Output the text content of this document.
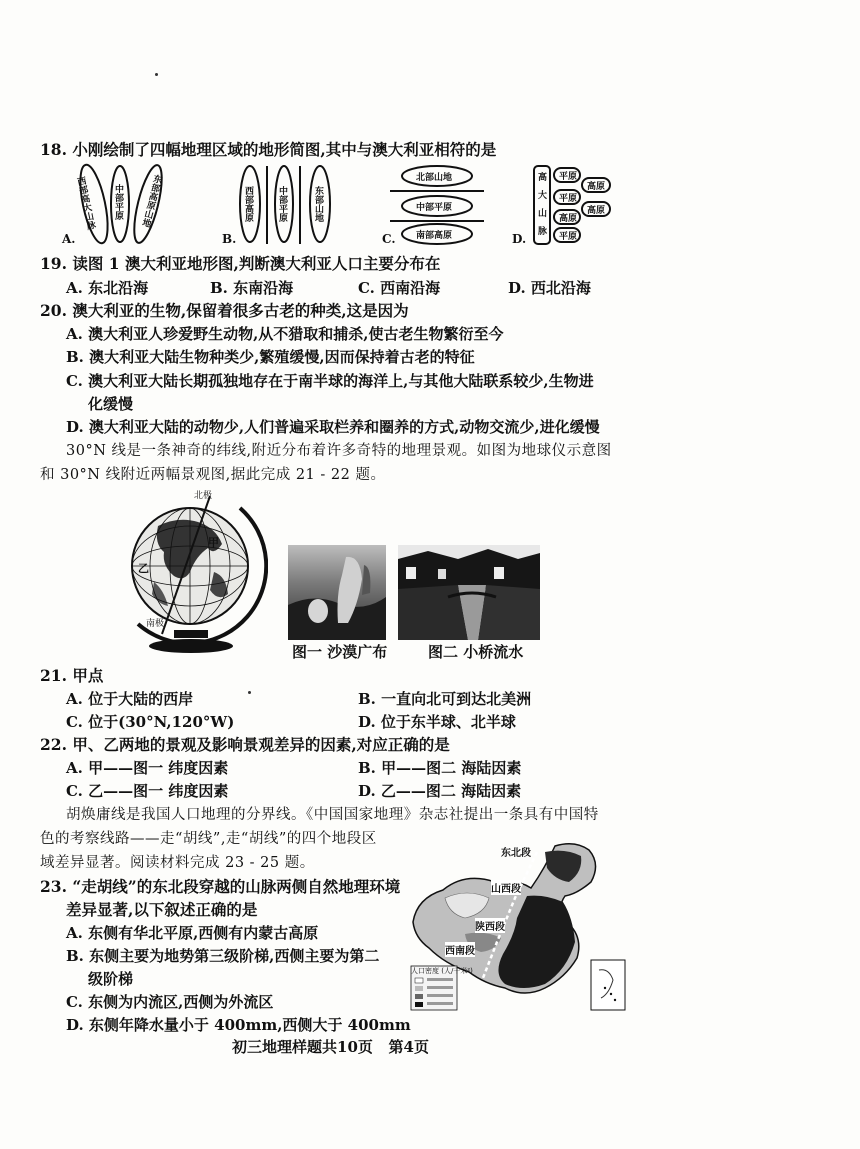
18. 小刚绘制了四幅地理区域的地形简图,其中与澳大利亚相符的是
A.
西部高大山脉 中部平原 东部高原山地
B.
西部高原	中部平原	东部山地
C.
北部山地
中部平原
南部高原	D.
高
大
山
脉
平原
平原
高原
平原
高原
高原
19. 读图 1 澳大利亚地形图,判断澳大利亚人口主要分布在
A. 东北沿海	B. 东南沿海	C. 西南沿海	D. 西北沿海
20. 澳大利亚的生物,保留着很多古老的种类,这是因为
A. 澳大利亚人珍爱野生动物,从不猎取和捕杀,使古老生物繁衍至今
B. 澳大利亚大陆生物种类少,繁殖缓慢,因而保持着古老的特征
C. 澳大利亚大陆长期孤独地存在于南半球的海洋上,与其他大陆联系较少,生物进
化缓慢
D. 澳大利亚大陆的动物少,人们普遍采取栏养和圈养的方式,动物交流少,进化缓慢
30°N 线是一条神奇的纬线,附近分布着许多奇特的地理景观。如图为地球仪示意图
和 30°N 线附近两幅景观图,据此完成 21 - 22 题。
北极
甲
乙
南极
图一 沙漠广布	图二 小桥流水
21. 甲点
A. 位于大陆的西岸	B. 一直向北可到达北美洲
C. 位于(30°N,120°W)	D. 位于东半球、北半球
22. 甲、乙两地的景观及影响景观差异的因素,对应正确的是
A. 甲——图一 纬度因素	B. 甲——图二 海陆因素
C. 乙——图一 纬度因素	D. 乙——图二 海陆因素
胡焕庸线是我国人口地理的分界线。《中国国家地理》杂志社提出一条具有中国特
色的考察线路——走“胡线”,走“胡线”的四个地段区
域差异显著。阅读材料完成 23 - 25 题。
23. “走胡线”的东北段穿越的山脉两侧自然地理环境
差异显著,以下叙述正确的是
A. 东侧有华北平原,西侧有内蒙古高原
B. 东侧主要为地势第三级阶梯,西侧主要为第二
级阶梯
C. 东侧为内流区,西侧为外流区
D. 东侧年降水量小于 400mm,西侧大于 400mm
东北段
山西段
陕西段
西南段
人口密度 (人/千米²)
初三地理样题共10页   第4页
